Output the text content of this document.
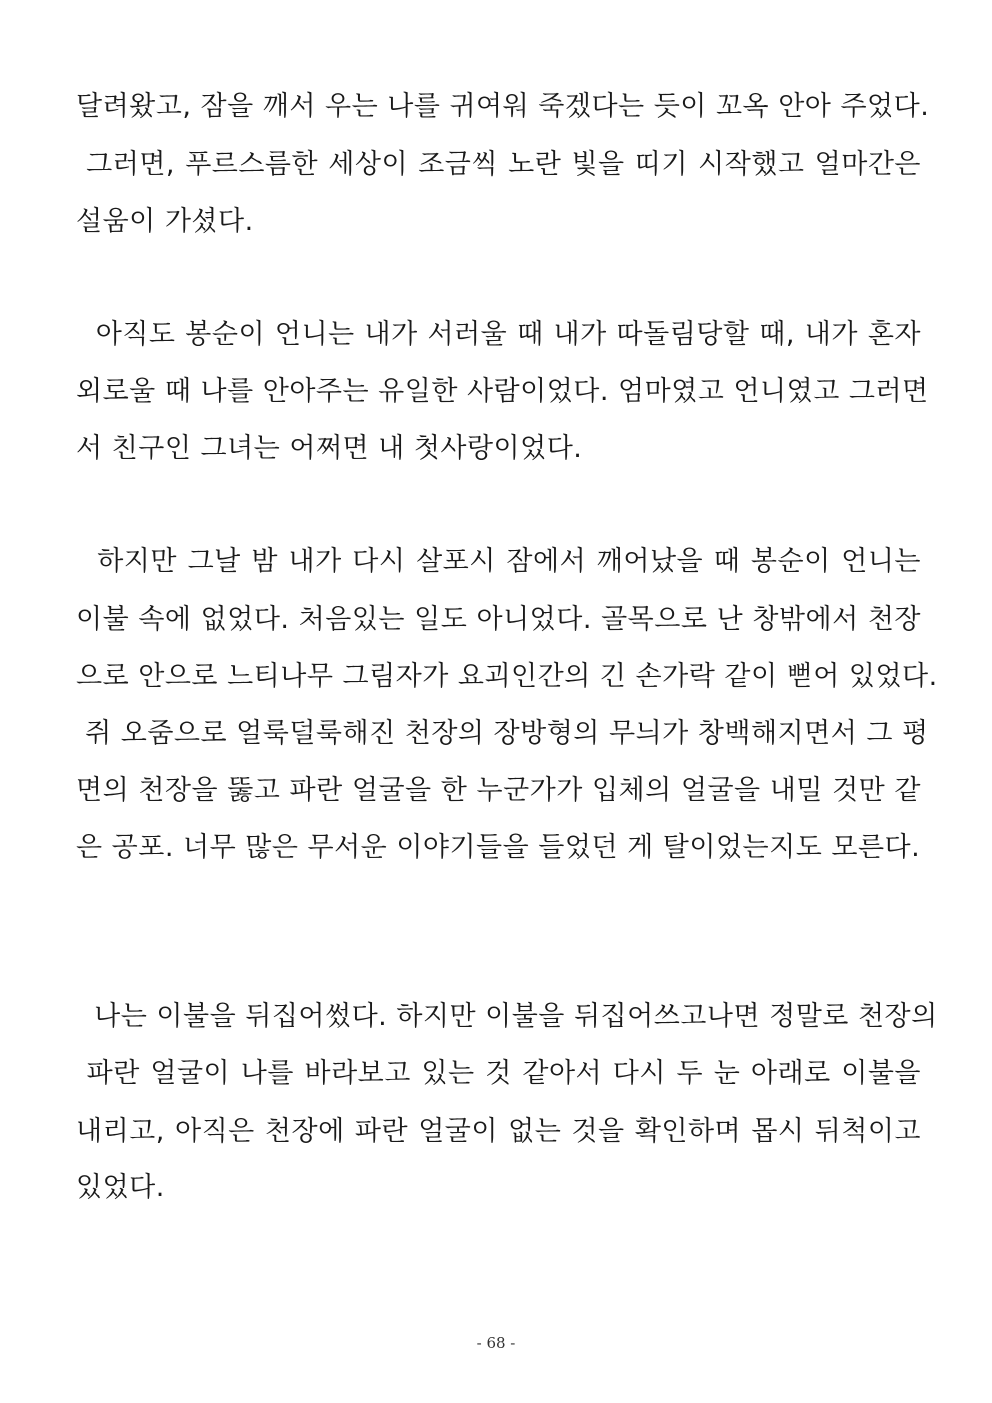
달려왔고, 잠을 깨서 우는 나를 귀여워 죽겠다는 듯이 꼬옥 안아 주었다.
그러면, 푸르스름한 세상이 조금씩 노란 빛을 띠기 시작했고 얼마간은
설움이 가셨다.
아직도 봉순이 언니는 내가 서러울 때 내가 따돌림당할 때, 내가 혼자
외로울 때 나를 안아주는 유일한 사람이었다. 엄마였고 언니였고 그러면
서 친구인 그녀는 어쩌면 내 첫사랑이었다.
하지만 그날 밤 내가 다시 살포시 잠에서 깨어났을 때 봉순이 언니는
이불 속에 없었다. 처음있는 일도 아니었다. 골목으로 난 창밖에서 천장
으로 안으로 느티나무 그림자가 요괴인간의 긴 손가락 같이 뻗어 있었다.
쥐 오줌으로 얼룩덜룩해진 천장의 장방형의 무늬가 창백해지면서 그 평
면의 천장을 뚫고 파란 얼굴을 한 누군가가 입체의 얼굴을 내밀 것만 같
은 공포. 너무 많은 무서운 이야기들을 들었던 게 탈이었는지도 모른다.
나는 이불을 뒤집어썼다. 하지만 이불을 뒤집어쓰고나면 정말로 천장의
파란 얼굴이 나를 바라보고 있는 것 같아서 다시 두 눈 아래로 이불을
내리고, 아직은 천장에 파란 얼굴이 없는 것을 확인하며 몹시 뒤척이고
있었다.
- 68 -
